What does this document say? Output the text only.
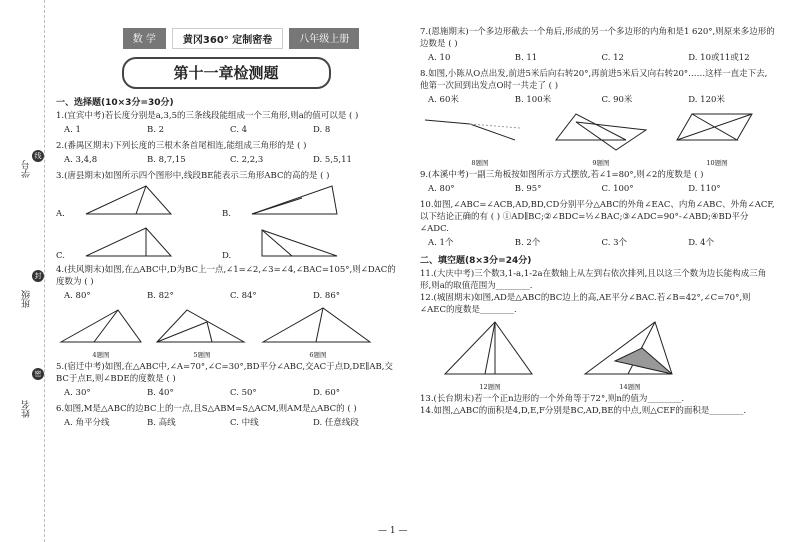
学号
班级
姓名
线
封
密
数 学	黄冈360° 定制密卷	八年级上册
第十一章检测题
一、选择题(10×3分=30分)

1.(宜宾中考)若长度分别是a,3,5的三条线段能组成一个三角形,则a的值可以是 ( )

A. 1	B. 2	C. 4	D. 8

2.(番禺区期末)下列长度的三根木条首尾相连,能组成三角形的是 ( )

A. 3,4,8	B. 8,7,15	C. 2,2,3	D. 5,5,11

3.(唐县期末)如图所示四个图形中,线段BE能表示三角形ABC的高的是 ( )

A.	B.
C.	D.

4.(扶风期末)如图,在△ABC中,D为BC上一点,∠1=∠2,∠3=∠4,∠BAC=105°,则∠DAC的度数为 ( )

A. 80°	B. 82°	C. 84°	D. 86°
4题图	5题图	6题图

5.(宿迁中考)如图,在△ABC中,∠A=70°,∠C=30°,BD平分∠ABC,交AC于点D,DE∥AB,交BC于点E,则∠BDE的度数是 ( )

A. 30°	B. 40°	C. 50°	D. 60°

6.如图,M是△ABC的边BC上的一点,且S△ABM=S△ACM,则AM是△ABC的 ( )

A. 角平分线	B. 高线	C. 中线	D. 任意线段

7.(恩施期末)一个多边形截去一个角后,形成的另一个多边形的内角和是1 620°,则原来多边形的边数是 ( )

A. 10	B. 11	C. 12	D. 10或11或12

8.如图,小陈从O点出发,前进5米后向右转20°,再前进5米后又向右转20°……这样一直走下去,他第一次回到出发点O时一共走了 ( )

A. 60米	B. 100米	C. 90米	D. 120米
8题图	9题图	10题图

9.(本溪中考)一副三角板按如图所示方式摆放,若∠1=80°,则∠2的度数是 ( )

A. 80°	B. 95°	C. 100°	D. 110°

10.如图,∠ABC=∠ACB,AD,BD,CD分别平分△ABC的外角∠EAC、内角∠ABC、外角∠ACF,以下结论正确的有 ( ) ①AD∥BC;②∠BDC=½∠BAC;③∠ADC=90°-∠ABD;④BD平分∠ADC.

A. 1个	B. 2个	C. 3个	D. 4个
二、填空题(8×3分=24分)

11.(大庆中考)三个数3,1-a,1-2a在数轴上从左到右依次排列,且以这三个数为边长能构成三角形,则a的取值范围为________.

12.(城固期末)如图,AD是△ABC的BC边上的高,AE平分∠BAC.若∠B=42°,∠C=70°,则∠AEC的度数是________.

12题图	14题图

13.(长台期末)若一个正n边形的一个外角等于72°,则n的值为________.

14.如图,△ABC的面积是4,D,E,F分别是BC,AD,BE的中点,则△CEF的面积是________.

— 1 —
